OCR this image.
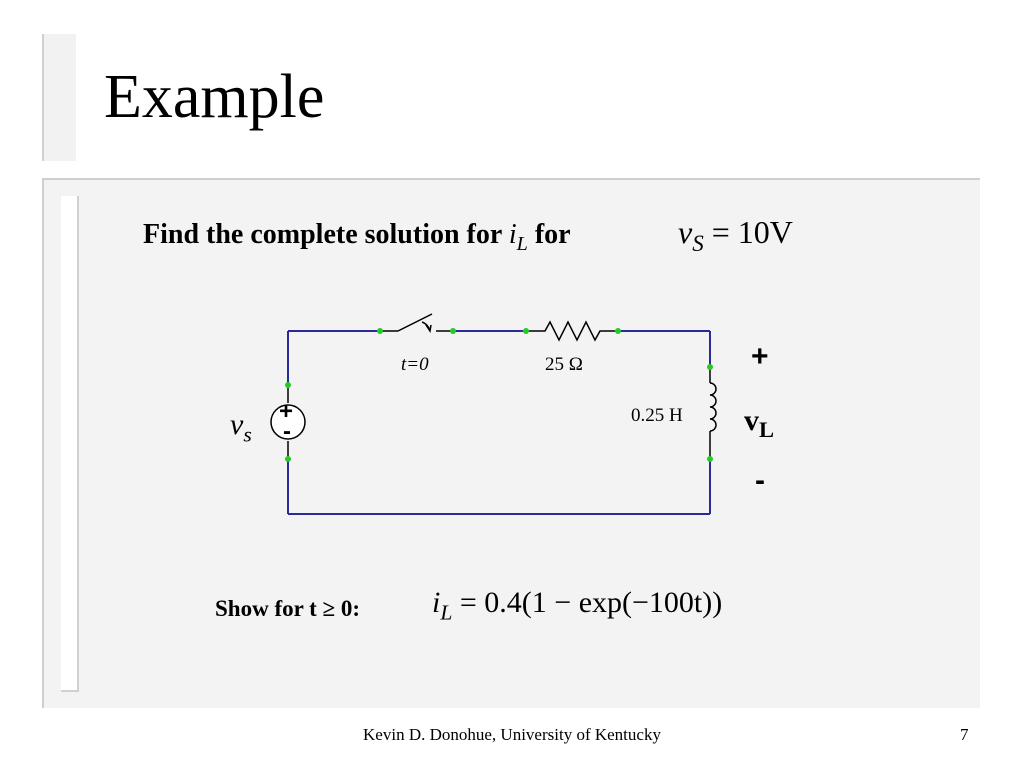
Example
Find the complete solution for $i_L$ for	$v_S = 10V$
+
-
t=0	25 Ω
0.25 H
$v_s$
+
$v_L$
-
Show for t ≥ 0: $i_L = 0.4(1 - \exp(-100t))$
Kevin D. Donohue, University of Kentucky	7
